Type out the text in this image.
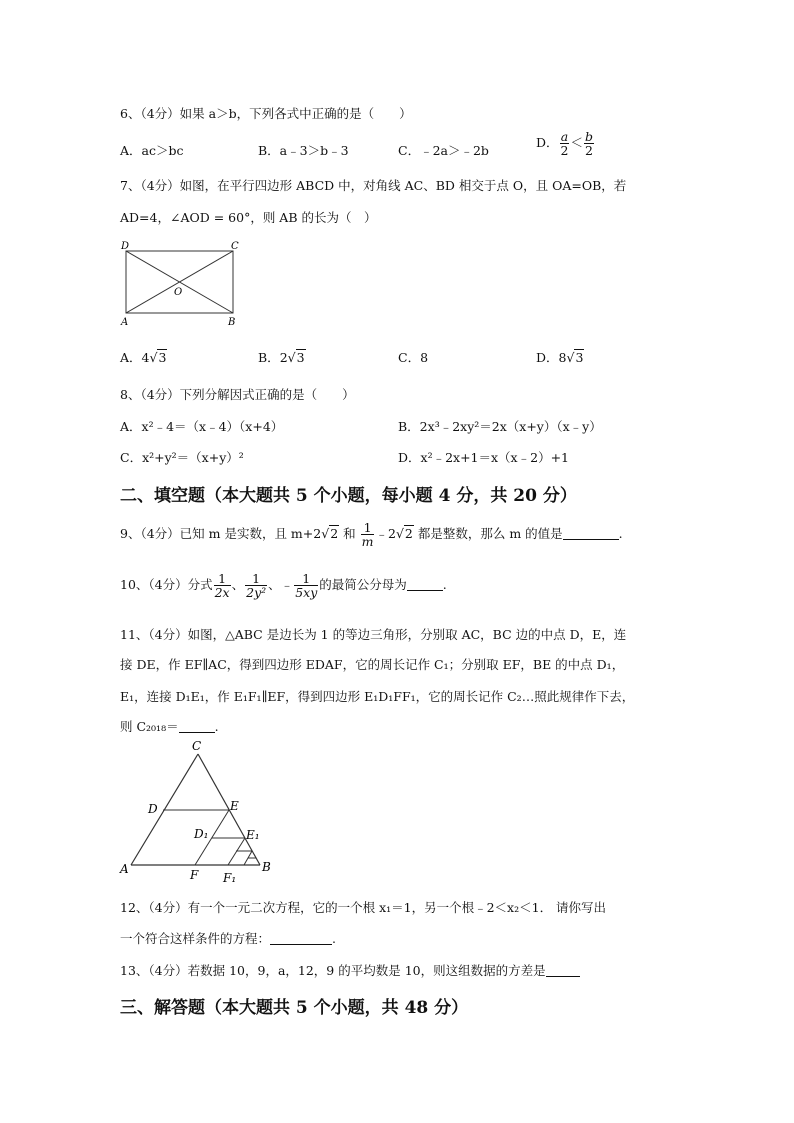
6、（4分）如果 a＞b，下列各式中正确的是（　　）
A．ac＞bc	B．a﹣3＞b﹣3	C．﹣2a＞﹣2b
D． $\frac{a}{2} < \frac{b}{2}$
7、（4分）如图，在平行四边形 ABCD 中，对角线 AC、BD 相交于点 O，且 OA=OB，若
AD=4，∠AOD = 60°，则 AB 的长为（　）
D	C
O
A	B
A．4√3	B．2√3	C．8	D．8√3
8、（4分）下列分解因式正确的是（　　）
A．x²﹣4＝（x﹣4）（x+4）	B．2x³﹣2xy²＝2x（x+y）（x﹣y）
C．x²+y²＝（x+y）²	D．x²﹣2x+1＝x（x﹣2）+1
二、填空题（本大题共 5 个小题，每小题 4 分，共 20 分）
9、（4分）已知 m 是实数，且 m+2√2 和 $\frac{1}{m}$ ﹣2√2 都是整数，那么 m 的值是	.
10、（4分）分式 $\frac{1}{2x}$ 、 $\frac{1}{\text{2y²}}$ 、﹣ $\frac{1}{5xy}$ 的最简公分母为	.
11、（4分）如图，△ABC 是边长为 1 的等边三角形，分别取 AC，BC 边的中点 D，E，连
接 DE，作 EF∥AC，得到四边形 EDAF，它的周长记作 C₁；分别取 EF，BE 的中点 D₁，
E₁，连接 D₁E₁，作 E₁F₁∥EF，得到四边形 E₁D₁FF₁，它的周长记作 C₂…照此规律作下去，
则 C₂₀₁₈＝	.
C
D	E
D₁	E₁
A	B
F F₁
12、（4分）有一个一元二次方程，它的一个根 x₁＝1，另一个根﹣2＜x₂＜1． 请你写出
一个符合这样条件的方程：	.
13、（4分）若数据 10，9，a，12，9 的平均数是 10，则这组数据的方差是
三、解答题（本大题共 5 个小题，共 48 分）
